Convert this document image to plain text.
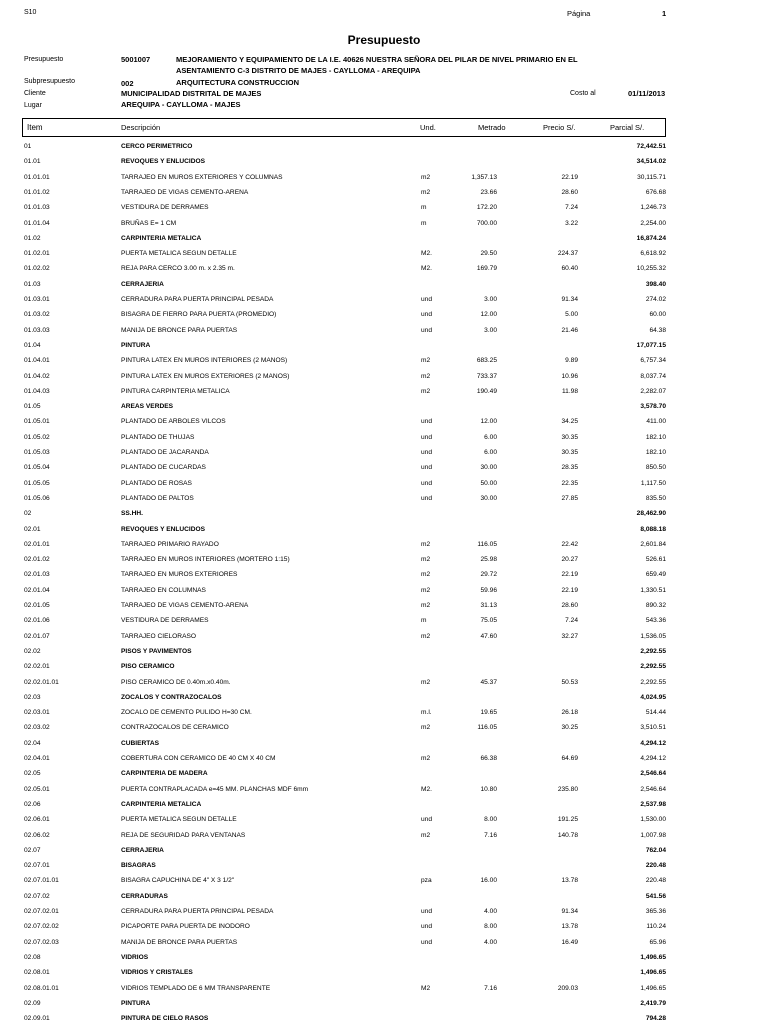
S10	Página	1
Presupuesto
Presupuesto	5001007	MEJORAMIENTO Y EQUIPAMIENTO DE LA I.E. 40626 NUESTRA SEÑORA DEL PILAR DE NIVEL PRIMARIO EN EL
ASENTAMIENTO C-3 DISTRITO DE MAJES - CAYLLOMA - AREQUIPA
Subpresupuesto	002	ARQUITECTURA CONSTRUCCION
Cliente	MUNICIPALIDAD DISTRITAL DE MAJES	Costo al	01/11/2013
Lugar	AREQUIPA - CAYLLOMA - MAJES
Item	Descripción	Und.	Metrado	Precio S/.	Parcial S/.
01	CERCO PERIMETRICO	72,442.51
01.01	REVOQUES Y ENLUCIDOS	34,514.02
01.01.01	TARRAJEO EN MUROS EXTERIORES Y COLUMNAS	m2	1,357.13	22.19	30,115.71
01.01.02	TARRAJEO DE VIGAS CEMENTO-ARENA	m2	23.66	28.60	676.68
01.01.03	VESTIDURA DE DERRAMES	m	172.20	7.24	1,246.73
01.01.04	BRUÑAS E= 1 CM	m	700.00	3.22	2,254.00
01.02	CARPINTERIA METALICA	16,874.24
01.02.01	PUERTA METALICA SEGUN DETALLE	M2.	29.50	224.37	6,618.92
01.02.02	REJA PARA CERCO 3.00 m. x 2.35 m.	M2.	169.79	60.40	10,255.32
01.03	CERRAJERIA	398.40
01.03.01	CERRADURA PARA PUERTA PRINCIPAL PESADA	und	3.00	91.34	274.02
01.03.02	BISAGRA DE FIERRO PARA PUERTA (PROMEDIO)	und	12.00	5.00	60.00
01.03.03	MANIJA DE BRONCE PARA PUERTAS	und	3.00	21.46	64.38
01.04	PINTURA	17,077.15
01.04.01	PINTURA LATEX EN MUROS INTERIORES (2 MANOS)	m2	683.25	9.89	6,757.34
01.04.02	PINTURA LATEX EN MUROS EXTERIORES (2 MANOS)	m2	733.37	10.96	8,037.74
01.04.03	PINTURA CARPINTERIA METALICA	m2	190.49	11.98	2,282.07
01.05	AREAS VERDES	3,578.70
01.05.01	PLANTADO DE ARBOLES VILCOS	und	12.00	34.25	411.00
01.05.02	PLANTADO DE THUJAS	und	6.00	30.35	182.10
01.05.03	PLANTADO DE JACARANDA	und	6.00	30.35	182.10
01.05.04	PLANTADO DE CUCARDAS	und	30.00	28.35	850.50
01.05.05	PLANTADO DE ROSAS	und	50.00	22.35	1,117.50
01.05.06	PLANTADO DE PALTOS	und	30.00	27.85	835.50
02	SS.HH.	28,462.90
02.01	REVOQUES Y ENLUCIDOS	8,088.18
02.01.01	TARRAJEO PRIMARIO RAYADO	m2	116.05	22.42	2,601.84
02.01.02	TARRAJEO EN MUROS INTERIORES (MORTERO 1:15)	m2	25.98	20.27	526.61
02.01.03	TARRAJEO EN MUROS EXTERIORES	m2	29.72	22.19	659.49
02.01.04	TARRAJEO EN COLUMNAS	m2	59.96	22.19	1,330.51
02.01.05	TARRAJEO DE VIGAS CEMENTO-ARENA	m2	31.13	28.60	890.32
02.01.06	VESTIDURA DE DERRAMES	m	75.05	7.24	543.36
02.01.07	TARRAJEO CIELORASO	m2	47.60	32.27	1,536.05
02.02	PISOS Y PAVIMENTOS	2,292.55
02.02.01	PISO CERAMICO	2,292.55
02.02.01.01	PISO CERAMICO DE 0.40m.x0.40m.	m2	45.37	50.53	2,292.55
02.03	ZOCALOS Y CONTRAZOCALOS	4,024.95
02.03.01	ZOCALO DE CEMENTO PULIDO H=30 CM.	m.l.	19.65	26.18	514.44
02.03.02	CONTRAZOCALOS DE CERAMICO	m2	116.05	30.25	3,510.51
02.04	CUBIERTAS	4,294.12
02.04.01	COBERTURA CON CERAMICO DE 40 CM X 40 CM	m2	66.38	64.69	4,294.12
02.05	CARPINTERIA DE MADERA	2,546.64
02.05.01	PUERTA CONTRAPLACADA e=45 MM. PLANCHAS MDF 6mm	M2.	10.80	235.80	2,546.64
02.06	CARPINTERIA METALICA	2,537.98
02.06.01	PUERTA METALICA SEGUN DETALLE	und	8.00	191.25	1,530.00
02.06.02	REJA DE SEGURIDAD PARA VENTANAS	m2	7.16	140.78	1,007.98
02.07	CERRAJERIA	762.04
02.07.01	BISAGRAS	220.48
02.07.01.01	BISAGRA CAPUCHINA DE 4" X 3 1/2"	pza	16.00	13.78	220.48
02.07.02	CERRADURAS	541.56
02.07.02.01	CERRADURA PARA PUERTA PRINCIPAL PESADA	und	4.00	91.34	365.36
02.07.02.02	PICAPORTE PARA PUERTA DE INODORO	und	8.00	13.78	110.24
02.07.02.03	MANIJA DE BRONCE PARA PUERTAS	und	4.00	16.49	65.96
02.08	VIDRIOS	1,496.65
02.08.01	VIDRIOS Y CRISTALES	1,496.65
02.08.01.01	VIDRIOS TEMPLADO DE 6 MM TRANSPARENTE	M2	7.16	209.03	1,496.65
02.09	PINTURA	2,419.79
02.09.01	PINTURA DE CIELO RASOS	794.28
